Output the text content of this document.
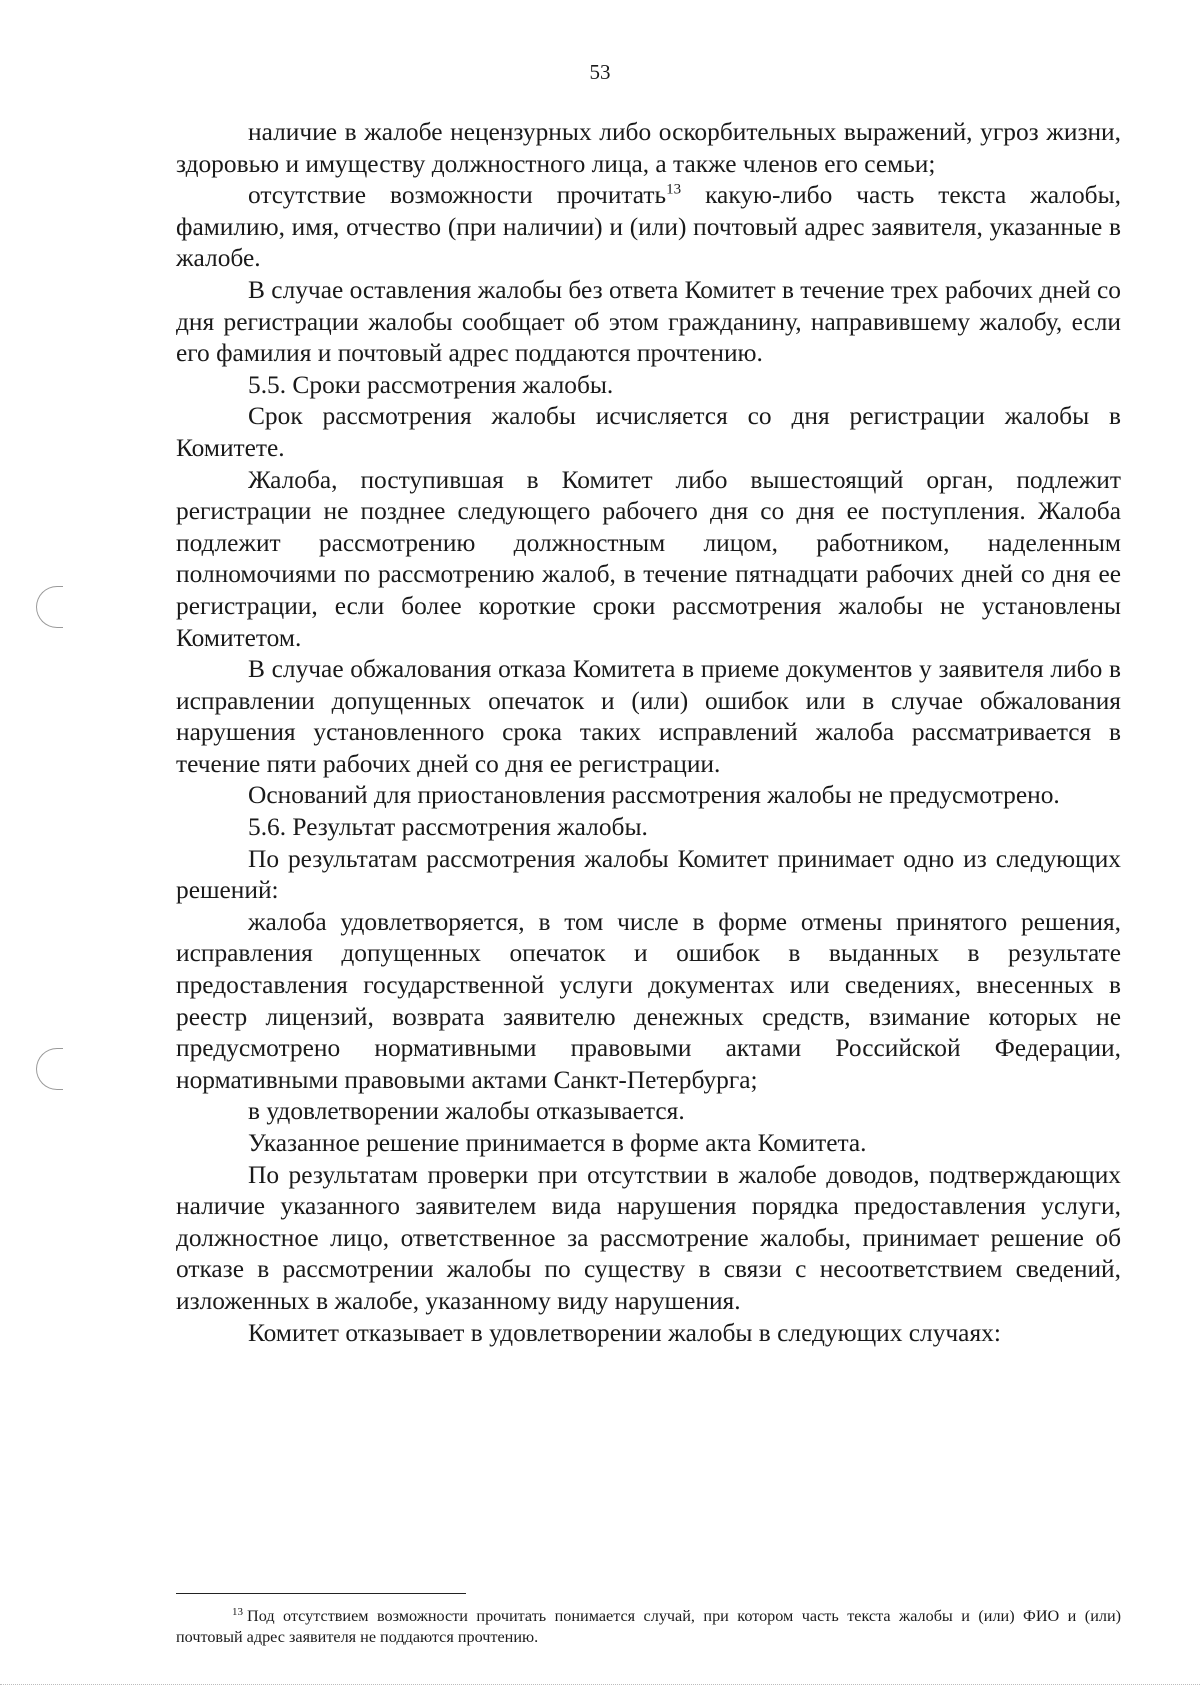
53

наличие в жалобе нецензурных либо оскорбительных выражений, угроз жизни, здоровью и имуществу должностного лица, а также членов его семьи;

отсутствие возможности прочитать$^{13}$ какую-либо часть текста жалобы, фамилию, имя, отчество (при наличии) и (или) почтовый адрес заявителя, указанные в жалобе.

В случае оставления жалобы без ответа Комитет в течение трех рабочих дней со дня регистрации жалобы сообщает об этом гражданину, направившему жалобу, если его фамилия и почтовый адрес поддаются прочтению.

5.5. Сроки рассмотрения жалобы.

Срок рассмотрения жалобы исчисляется со дня регистрации жалобы в Комитете.

Жалоба, поступившая в Комитет либо вышестоящий орган, подлежит регистрации не позднее следующего рабочего дня со дня ее поступления. Жалоба подлежит рассмотрению должностным лицом, работником, наделенным полномочиями по рассмотрению жалоб, в течение пятнадцати рабочих дней со дня ее регистрации, если более короткие сроки рассмотрения жалобы не установлены Комитетом.

В случае обжалования отказа Комитета в приеме документов у заявителя либо в исправлении допущенных опечаток и (или) ошибок или в случае обжалования нарушения установленного срока таких исправлений жалоба рассматривается в течение пяти рабочих дней со дня ее регистрации.

Оснований для приостановления рассмотрения жалобы не предусмотрено.

5.6. Результат рассмотрения жалобы.

По результатам рассмотрения жалобы Комитет принимает одно из следующих решений:

жалоба удовлетворяется, в том числе в форме отмены принятого решения, исправления допущенных опечаток и ошибок в выданных в результате предоставления государственной услуги документах или сведениях, внесенных в реестр лицензий, возврата заявителю денежных средств, взимание которых не предусмотрено нормативными правовыми актами Российской Федерации, нормативными правовыми актами Санкт-Петербурга;

в удовлетворении жалобы отказывается.

Указанное решение принимается в форме акта Комитета.

По результатам проверки при отсутствии в жалобе доводов, подтверждающих наличие указанного заявителем вида нарушения порядка предоставления услуги, должностное лицо, ответственное за рассмотрение жалобы, принимает решение об отказе в рассмотрении жалобы по существу в связи с несоответствием сведений, изложенных в жалобе, указанному виду нарушения.

Комитет отказывает в удовлетворении жалобы в следующих случаях:

$^{13}$ Под отсутствием возможности прочитать понимается случай, при котором часть текста жалобы и (или) ФИО и (или) почтовый адрес заявителя не поддаются прочтению.
